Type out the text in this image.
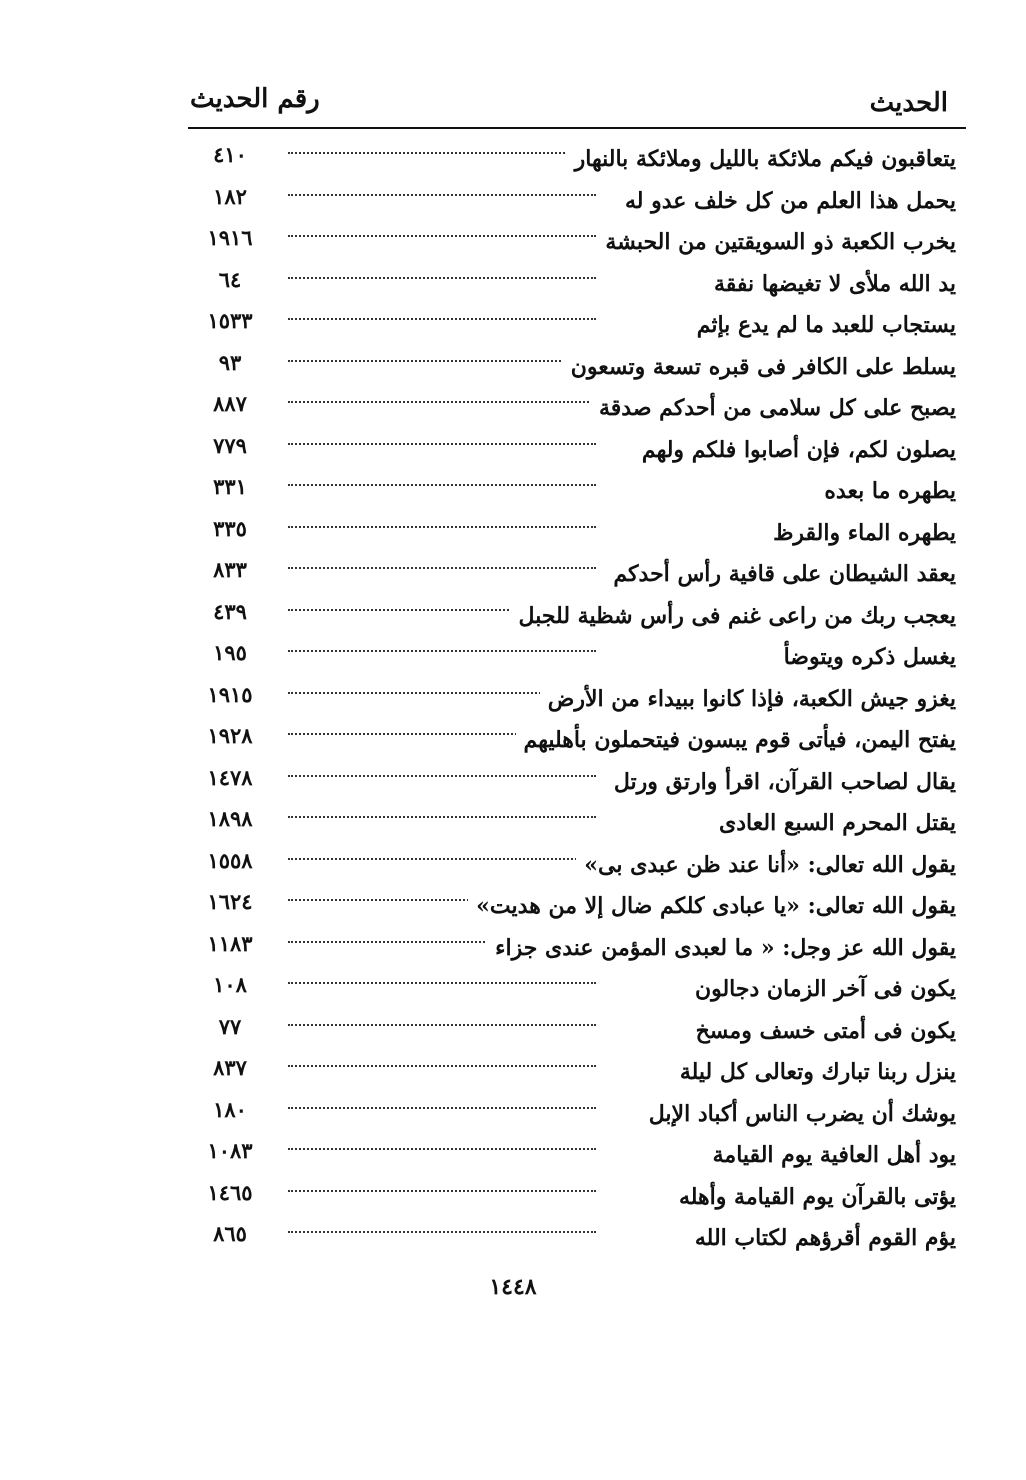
الحديث
رقم الحديث
يتعاقبون فيكم ملائكة بالليل وملائكة بالنهار
٤١٠
يحمل هذا العلم من كل خلف عدو له
١٨٢
يخرب الكعبة ذو السويقتين من الحبشة
١٩١٦
يد الله ملأى لا تغيضها نفقة
٦٤
يستجاب للعبد ما لم يدع بإثم
١٥٣٣
يسلط على الكافر فى قبره تسعة وتسعون
٩٣
يصبح على كل سلامى من أحدكم صدقة
٨٨٧
يصلون لكم، فإن أصابوا فلكم ولهم
٧٧٩
يطهره ما بعده
٣٣١
يطهره الماء والقرظ
٣٣٥
يعقد الشيطان على قافية رأس أحدكم
٨٣٣
يعجب ربك من راعى غنم فى رأس شظية للجبل
٤٣٩
يغسل ذكره ويتوضأ
١٩٥
يغزو جيش الكعبة، فإذا كانوا ببيداء من الأرض
١٩١٥
يفتح اليمن، فيأتى قوم يبسون فيتحملون بأهليهم
١٩٢٨
يقال لصاحب القرآن، اقرأ وارتق ورتل
١٤٧٨
يقتل المحرم السبع العادى
١٨٩٨
يقول الله تعالى: «أنا عند ظن عبدى بى»
١٥٥٨
يقول الله تعالى: «يا عبادى كلكم ضال إلا من هديت»
١٦٢٤
يقول الله عز وجل: « ما لعبدى المؤمن عندى جزاء
١١٨٣
يكون فى آخر الزمان دجالون
١٠٨
يكون فى أمتى خسف ومسخ
٧٧
ينزل ربنا تبارك وتعالى كل ليلة
٨٣٧
يوشك أن يضرب الناس أكباد الإبل
١٨٠
يود أهل العافية يوم القيامة
١٠٨٣
يؤتى بالقرآن يوم القيامة وأهله
١٤٦٥
يؤم القوم أقرؤهم لكتاب الله
٨٦٥
١٤٤٨
